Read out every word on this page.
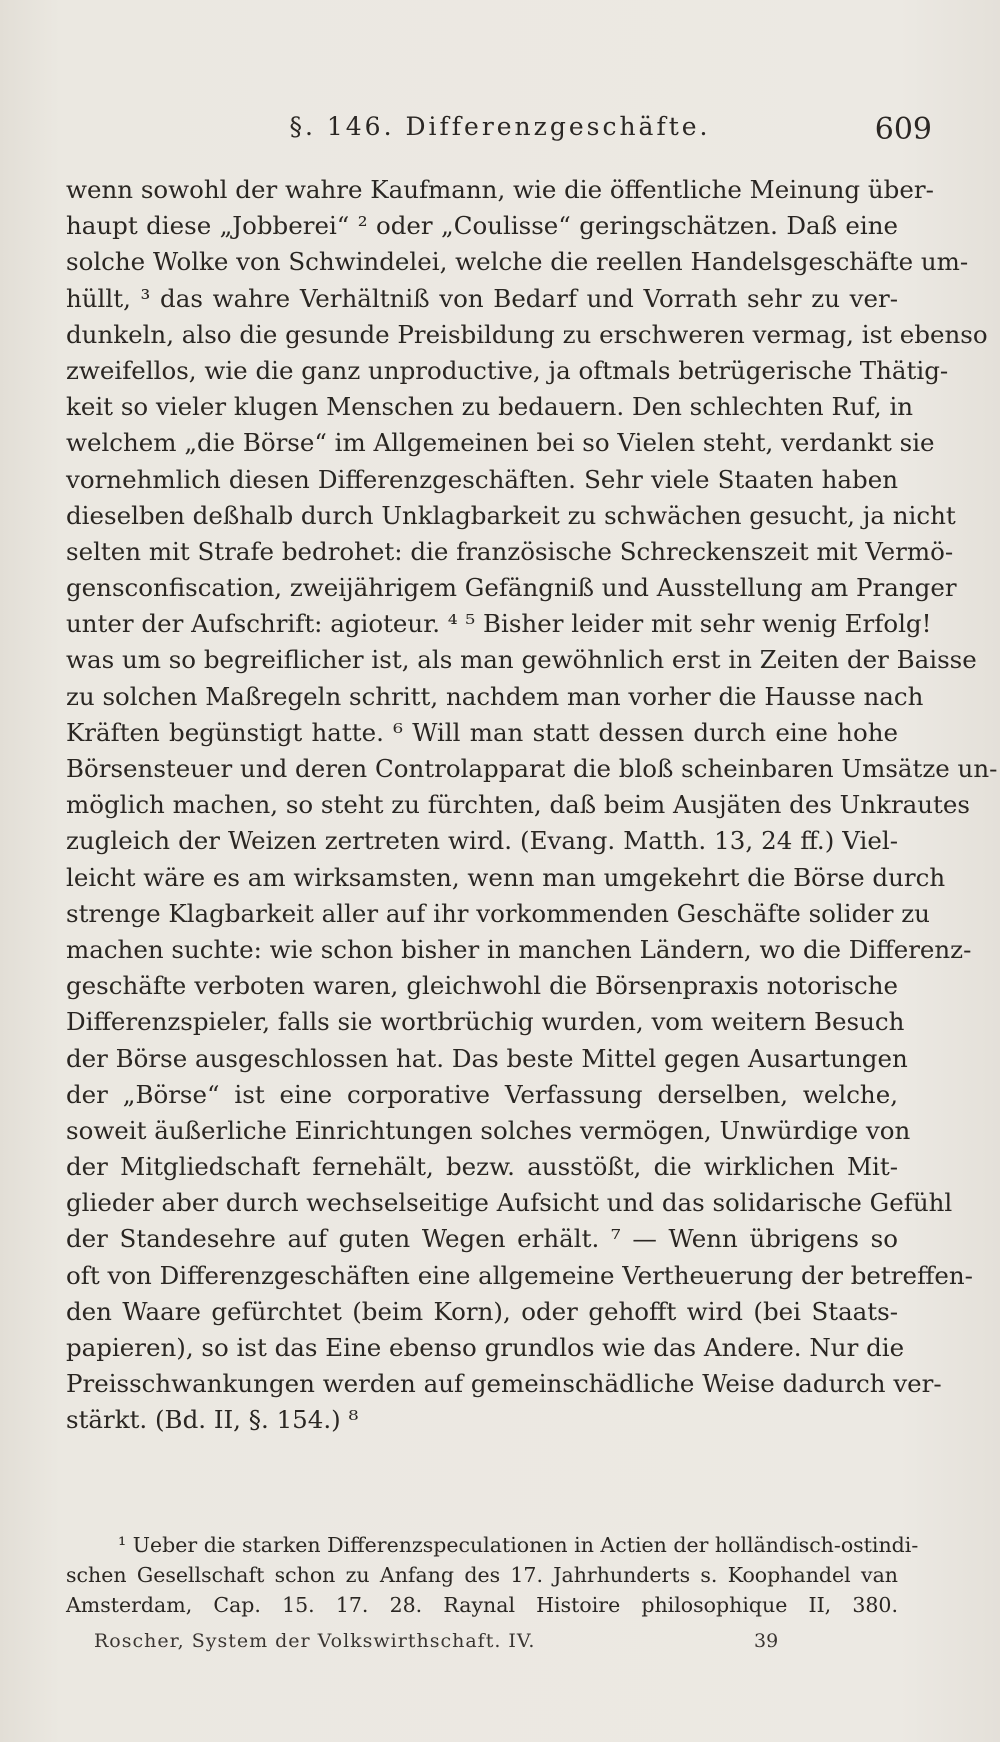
§. 146. Differenzgeschäfte.	609
wenn sowohl der wahre Kaufmann, wie die öffentliche Meinung über-
haupt diese „Jobberei“ ² oder „Coulisse“ geringschätzen. Daß eine
solche Wolke von Schwindelei, welche die reellen Handelsgeschäfte um-
hüllt, ³ das wahre Verhältniß von Bedarf und Vorrath sehr zu ver-
dunkeln, also die gesunde Preisbildung zu erschweren vermag, ist ebenso
zweifellos, wie die ganz unproductive, ja oftmals betrügerische Thätig-
keit so vieler klugen Menschen zu bedauern. Den schlechten Ruf, in
welchem „die Börse“ im Allgemeinen bei so Vielen steht, verdankt sie
vornehmlich diesen Differenzgeschäften. Sehr viele Staaten haben
dieselben deßhalb durch Unklagbarkeit zu schwächen gesucht, ja nicht
selten mit Strafe bedrohet: die französische Schreckenszeit mit Vermö-
gensconfiscation, zweijährigem Gefängniß und Ausstellung am Pranger
unter der Aufschrift: agioteur. ⁴ ⁵ Bisher leider mit sehr wenig Erfolg!
was um so begreiflicher ist, als man gewöhnlich erst in Zeiten der Baisse
zu solchen Maßregeln schritt, nachdem man vorher die Hausse nach
Kräften begünstigt hatte. ⁶ Will man statt dessen durch eine hohe
Börsensteuer und deren Controlapparat die bloß scheinbaren Umsätze un-
möglich machen, so steht zu fürchten, daß beim Ausjäten des Unkrautes
zugleich der Weizen zertreten wird. (Evang. Matth. 13, 24 ff.) Viel-
leicht wäre es am wirksamsten, wenn man umgekehrt die Börse durch
strenge Klagbarkeit aller auf ihr vorkommenden Geschäfte solider zu
machen suchte: wie schon bisher in manchen Ländern, wo die Differenz-
geschäfte verboten waren, gleichwohl die Börsenpraxis notorische
Differenzspieler, falls sie wortbrüchig wurden, vom weitern Besuch
der Börse ausgeschlossen hat. Das beste Mittel gegen Ausartungen
der „Börse“ ist eine corporative Verfassung derselben, welche,
soweit äußerliche Einrichtungen solches vermögen, Unwürdige von
der Mitgliedschaft fernehält, bezw. ausstößt, die wirklichen Mit-
glieder aber durch wechselseitige Aufsicht und das solidarische Gefühl
der Standesehre auf guten Wegen erhält. ⁷ — Wenn übrigens so
oft von Differenzgeschäften eine allgemeine Vertheuerung der betreffen-
den Waare gefürchtet (beim Korn), oder gehofft wird (bei Staats-
papieren), so ist das Eine ebenso grundlos wie das Andere. Nur die
Preisschwankungen werden auf gemeinschädliche Weise dadurch ver-
stärkt. (Bd. II, §. 154.) ⁸
¹ Ueber die starken Differenzspeculationen in Actien der holländisch-ostindi-
schen Gesellschaft schon zu Anfang des 17. Jahrhunderts s. Koophandel van
Amsterdam, Cap. 15. 17. 28. Raynal Histoire philosophique II, 380.
Roscher, System der Volkswirthschaft. IV.	39
